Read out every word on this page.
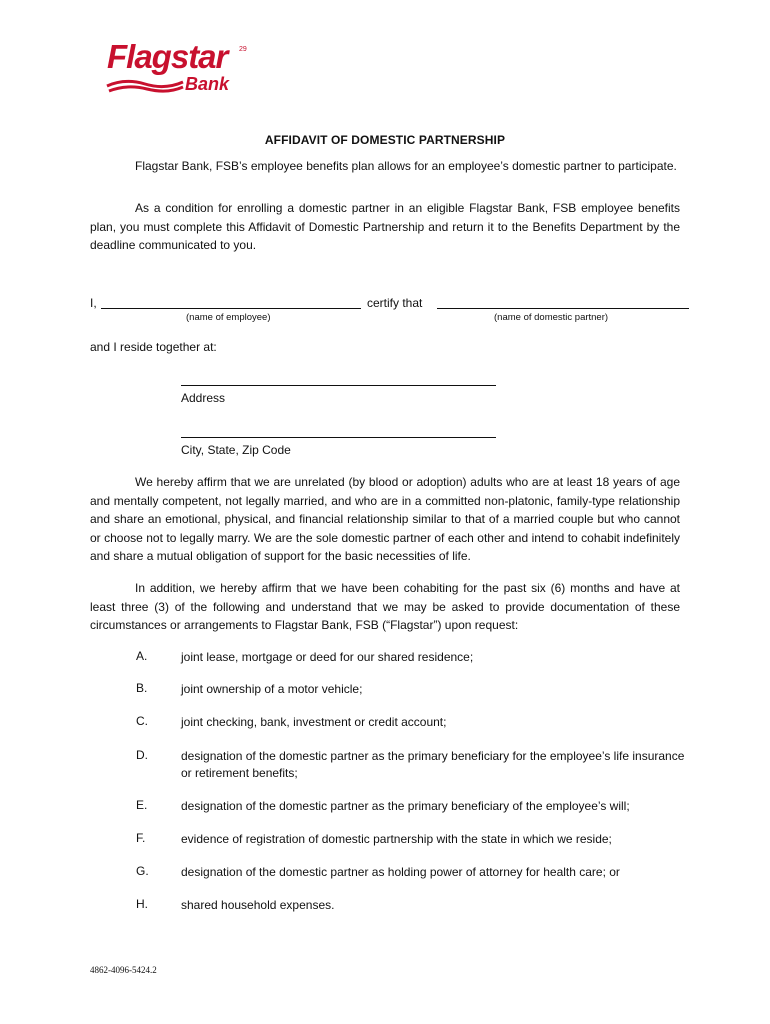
Flagstar 29
Bank
AFFIDAVIT OF DOMESTIC PARTNERSHIP

Flagstar Bank, FSB’s employee benefits plan allows for an employee’s domestic partner to participate.

As a condition for enrolling a domestic partner in an eligible Flagstar Bank, FSB employee benefits plan, you must complete this Affidavit of Domestic Partnership and return it to the Benefits Department by the deadline communicated to you.

I,	certify that
(name of employee)	(name of domestic partner)
and I reside together at:
Address
City, State, Zip Code

We hereby affirm that we are unrelated (by blood or adoption) adults who are at least 18 years of age and mentally competent, not legally married, and who are in a committed non-platonic, family-type relationship and share an emotional, physical, and financial relationship similar to that of a married couple but who cannot or choose not to legally marry. We are the sole domestic partner of each other and intend to cohabit indefinitely and share a mutual obligation of support for the basic necessities of life.

In addition, we hereby affirm that we have been cohabiting for the past six (6) months and have at least three (3) of the following and understand that we may be asked to provide documentation of these circumstances or arrangements to Flagstar Bank, FSB (“Flagstar”) upon request:

A.	joint lease, mortgage or deed for our shared residence;
B.	joint ownership of a motor vehicle;
C.	joint checking, bank, investment or credit account;
D.	designation of the domestic partner as the primary beneficiary for the employee’s life insurance or retirement benefits;
E.	designation of the domestic partner as the primary beneficiary of the employee’s will;
F.	evidence of registration of domestic partnership with the state in which we reside;
G.	designation of the domestic partner as holding power of attorney for health care; or
H.	shared household expenses.
4862-4096-5424.2
